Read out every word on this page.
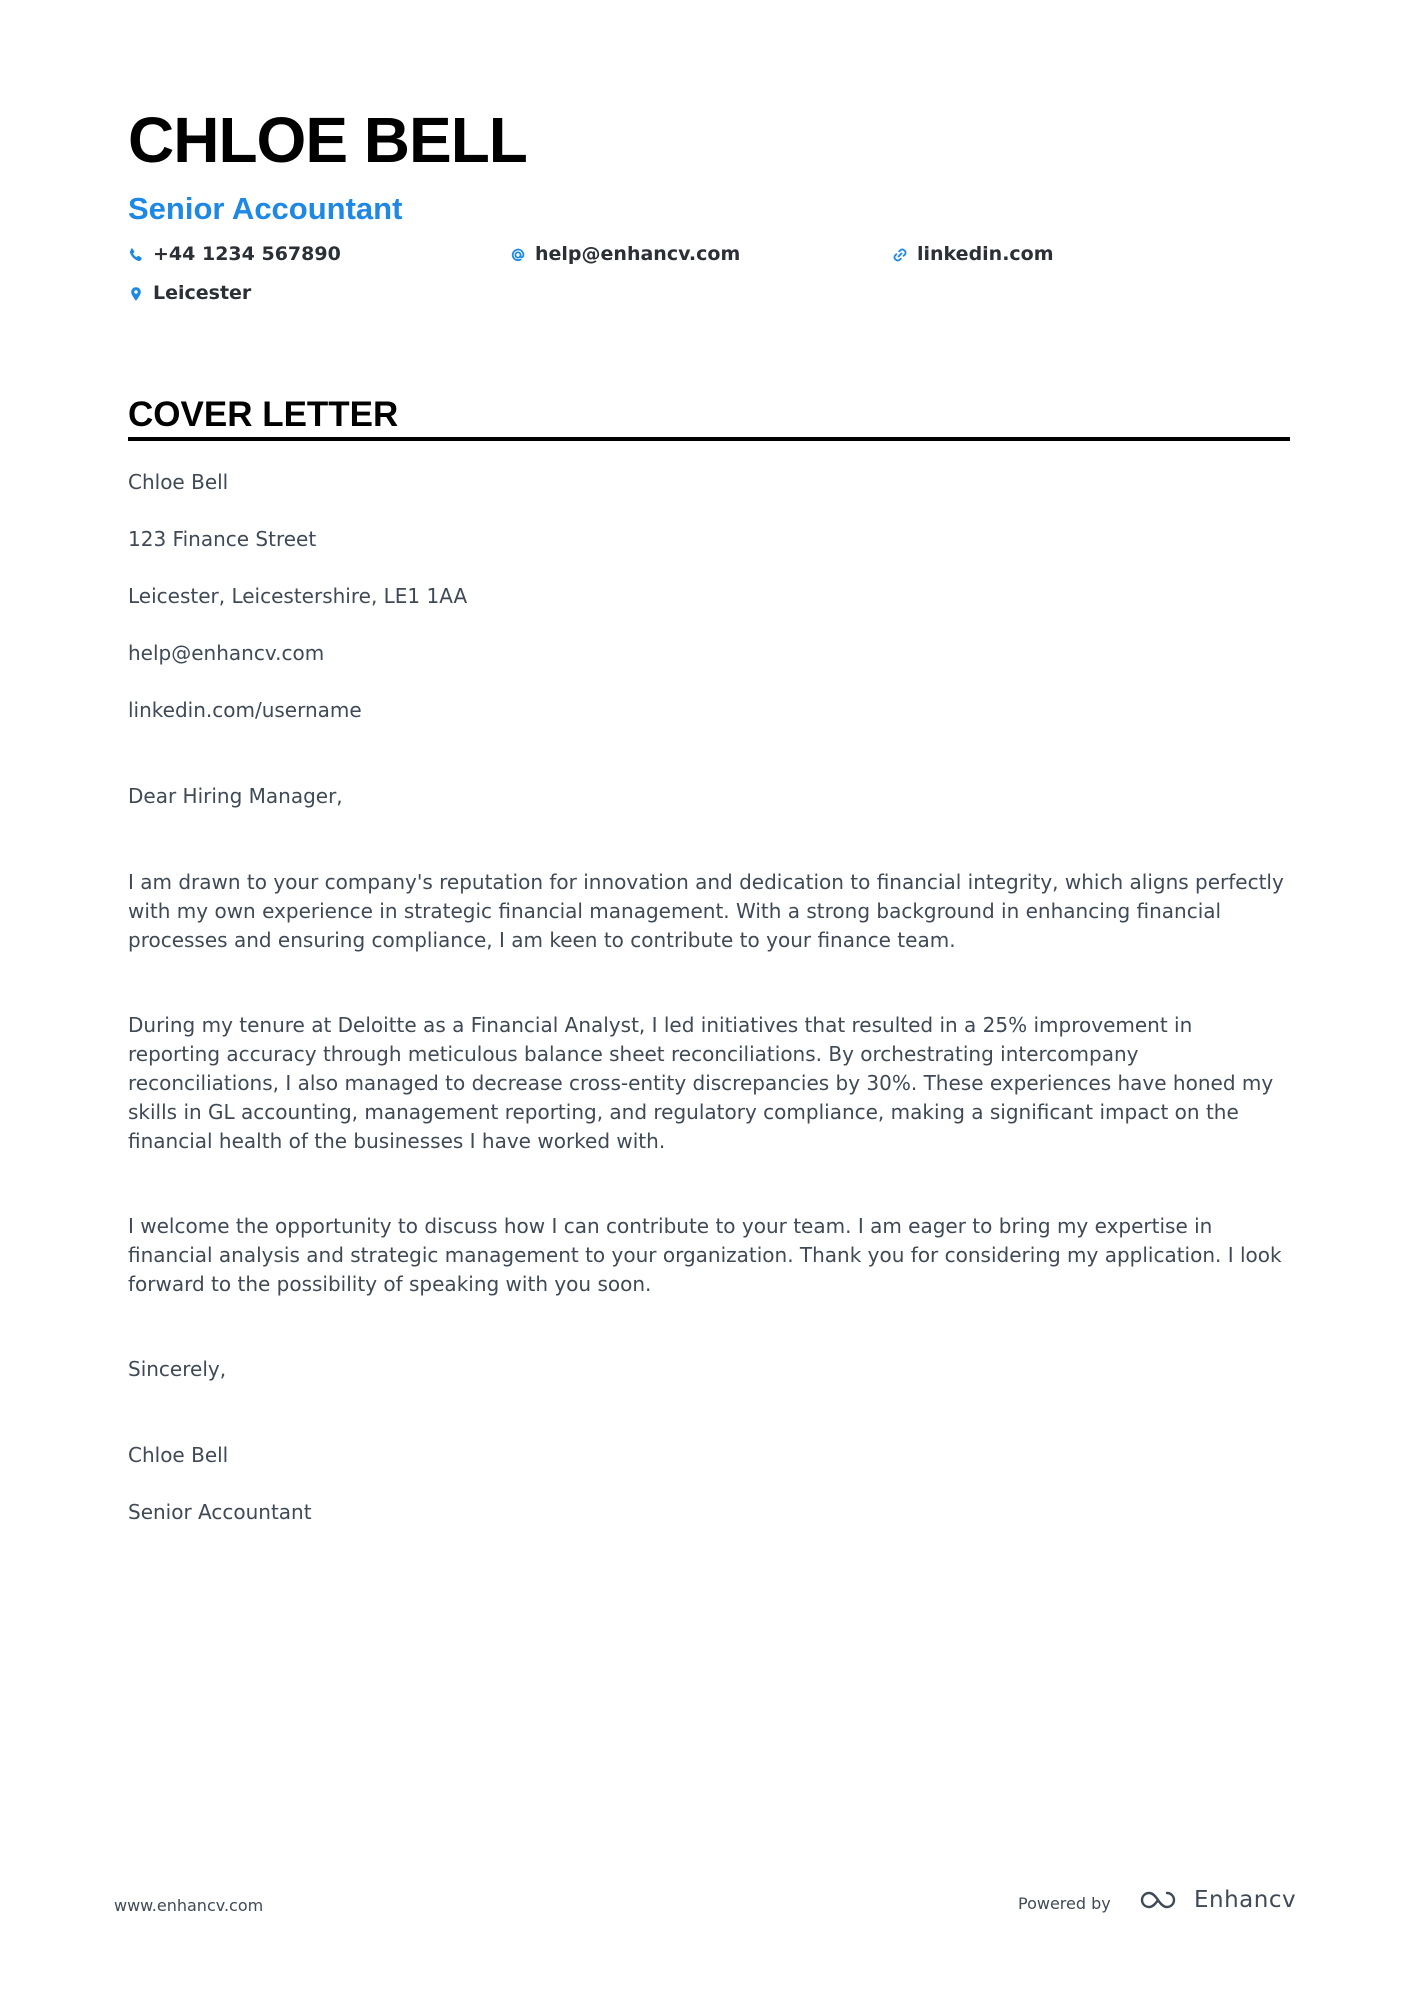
CHLOE BELL
Senior Accountant
+44 1234 567890	help@enhancv.com	linkedin.com
Leicester
COVER LETTER

Chloe Bell

123 Finance Street

Leicester, Leicestershire, LE1 1AA

help@enhancv.com

linkedin.com/username

Dear Hiring Manager,

I am drawn to your company's reputation for innovation and dedication to financial integrity, which aligns perfectly with my own experience in strategic financial management. With a strong background in enhancing financial processes and ensuring compliance, I am keen to contribute to your finance team.

During my tenure at Deloitte as a Financial Analyst, I led initiatives that resulted in a 25% improvement in reporting accuracy through meticulous balance sheet reconciliations. By orchestrating intercompany reconciliations, I also managed to decrease cross-entity discrepancies by 30%. These experiences have honed my skills in GL accounting, management reporting, and regulatory compliance, making a significant impact on the financial health of the businesses I have worked with.

I welcome the opportunity to discuss how I can contribute to your team. I am eager to bring my expertise in financial analysis and strategic management to your organization. Thank you for considering my application. I look forward to the possibility of speaking with you soon.

Sincerely,

Chloe Bell

Senior Accountant

www.enhancv.com	Powered by	Enhancv
